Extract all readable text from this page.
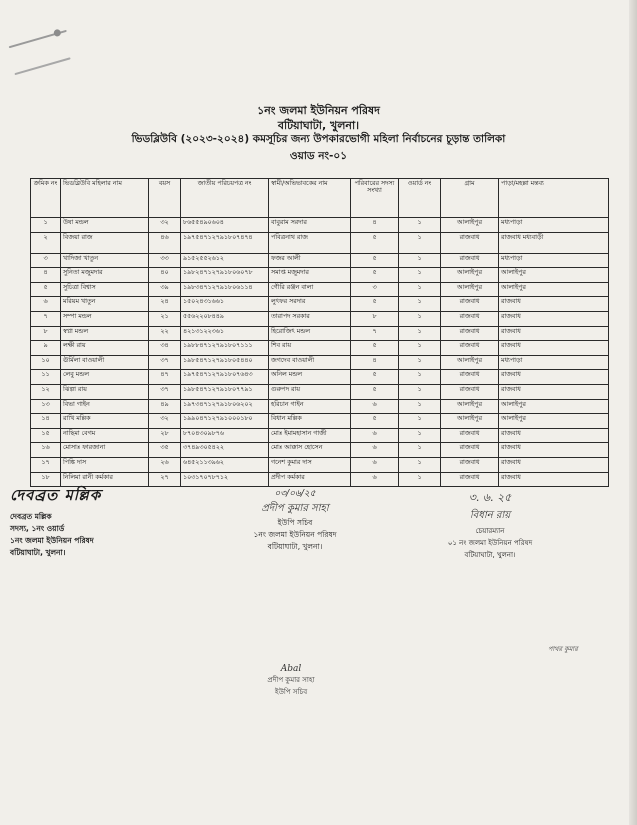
১নং জলমা ইউনিয়ন পরিষদ
বটিয়াঘাটা, খুলনা।
ভিডব্লিউবি (২০২৩-২০২৪) কমসূচির জন্য উপকারভোগী মহিলা নির্বাচনের চূড়ান্ত তালিকা
ওয়াড নং-০১
ক্রমিক নং	ভিডব্লিউবি মহিলার নাম	বয়স	জাতীয় পরিচয়পত্র নং	স্বামী/অভিভাবকের নাম	পরিবারের সদস্য সংখ্যা	ওয়ার্ড নং	গ্রাম	পাড়া/মহল্লা মন্তব্য
১	উষা মন্ডল	৩২	৮৬৫৫৪৯০৬০৪	বাবুরাম সরদার	৪	১	আলাইপুর	মধ্যপাড়া
২	বিজয়া রাজ	৪৬	১৯৭৫৪৭১২৭৯১৮০৭৪৭৪	পবিত্রনাথ রাজ	৫	১	রাজবাধ	রাজবাধ মধ্যবাড়ী
৩	খাদিজা খাতুন	৩৩	৯১৫২৫৫২৬১২	ফজর আলী	৫	১	রাজবাধ	মধ্যপাড়া
৪	সুনিতা মজুমদার	৪০	১৯৮২৪৭১২৭৯১৮০৬০৭৮	সমাপ্ত মজুমদার	৫	১	আলাইপুর	আলাইপুর
৫	সুচিত্রা বিশ্বাস	৩৯	১৯৮৩৪৭১২৭৯১৮০৬১১৪	গৌরি রঞ্জন বালা	৩	১	আলাইপুর	আলাইপুর
৬	মরিয়ম খাতুন	২৪	১৫০২৪৩১৬৬১	লুৎফর সরদার	৫	১	রাজবাধ	রাজবাধ
৭	সম্পা মন্ডল	২১	৫৫৬২২০৮৪৪৯	তারাপদ সরকার	৮	১	রাজবাধ	রাজবাধ
৮	স্বপ্না মন্ডল	২২	৪২১৩১২২৩৬১	হিরোজিৎ মন্ডল	৭	১	রাজবাধ	রাজবাধ
৯	লক্ষী রায়	৩৪	১৯৮৮৪৭১২৭৯১৮০৭১১১	শিব রায়	৫	১	রাজবাধ	রাজবাধ
১০	ঊর্মিলা বাওয়ালী	৩৭	১৯৮৫৪৭১২৭৯১৮০৫৪৪০	জগদেব বাওয়ালী	৪	১	আলাইপুর	মধ্যপাড়া
১১	লেবু মন্ডল	৪৭	১৯৭৫৪৭১২৭৯১৮০৭৬৪৩	অনিল মন্ডল	৫	১	রাজবাধ	রাজবাধ
১২	ঝিল্পা রায়	৩৭	১৯৮৫৪৭১২৭৯১৮০৭৭৯১	গুরুপদ রায়	৫	১	রাজবাধ	রাজবাধ
১৩	বিভা গাইন	৪৯	১৯৭৩৪৭১২৭৯১৮০৬২০২	হরিচান গাইন	৬	১	আলাইপুর	আলাইপুর
১৪	রাখি মল্লিক	৩২	১৯৯০৪৭১২৭৯১০০০১৮০	বিধান মল্লিক	৫	১	আলাইপুর	আলাইপুর
১৫	নাছিমা বেগম	২৮	৮৭০৪৩০৯৮৭৬	মোঃ ইমামহাসান গাজী	৬	১	রাজবাধ	রাজবাধ
১৬	মোসাঃ ফারজানা	৩৫	৩৭৪৯৩০৫৪২২	মোঃ আক্কাস হোসেন	৬	১	রাজবাধ	রাজবাধ
১৭	পিঙ্কি দাস	২৬	৬৪৫২১১৩৯৬২	গনেশ কুমার দাস	৬	১	রাজবাধ	রাজবাধ
১৮	নিলিমা রানী কর্মকার	২৭	১০৩১৭০৭৮৭১২	প্রদীপ কর্মকার	৬	১	রাজবাধ	রাজবাধ
দেবব্রত মল্লিক
দেবব্রত মল্লিক
সদস্য, ১নং ওয়ার্ড
১নং জলমা ইউনিয়ন পরিষদ
বটিয়াঘাটা, খুলনা।
০৩/০৬/২৫
প্রদীপ কুমার সাহা
ইউপি সচিব
১নং জলমা ইউনিয়ন পরিষদ
বটিয়াঘাটা, খুলনা।
৩. ৬. ২৫
বিধান রায়
চেয়ারম্যান
০১ নং জলমা ইউনিয়ন পরিষদ
বটিয়াঘাটা, খুলনা।
Abal
প্রদীপ কুমার সাহা
ইউপি সচিব
পাথর কুমার
